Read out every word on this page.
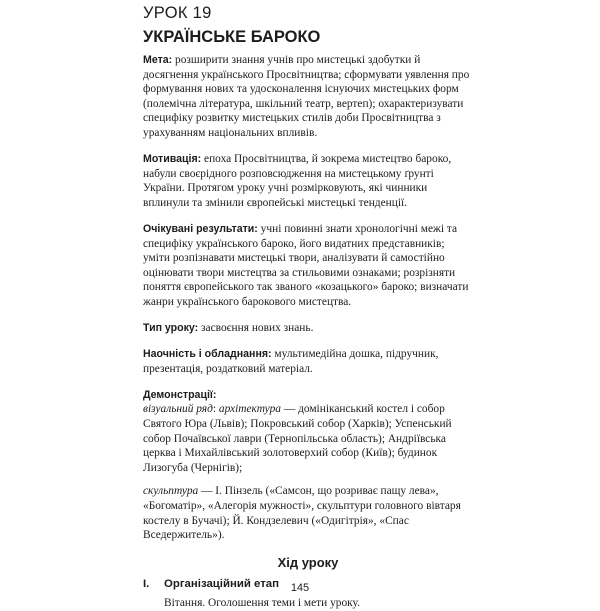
УРОК 19
УКРАЇНСЬКЕ БАРОКО

Мета: розширити знання учнів про мистецькі здобутки й досягнення українського Просвітництва; сформувати уявлення про формування нових та удосконалення існуючих мистецьких форм (полемічна література, шкільний театр, вертеп); охарактеризувати специфіку розвитку мистецьких стилів доби Просвітництва з урахуванням національних впливів.

Мотивація: епоха Просвітництва, й зокрема мистецтво бароко, набули своєрідного розповсюдження на мистецькому ґрунті України. Протягом уроку учні розмірковують, які чинники вплинули та змінили європейські мистецькі тенденції.

Очікувані результати: учні повинні знати хронологічні межі та специфіку українського бароко, його видатних представників; уміти розпізнавати мистецькі твори, аналізувати й самостійно оцінювати твори мистецтва за стильовими ознаками; розрізняти поняття європейського так званого «козацького» бароко; визначати жанри українського барокового мистецтва.

Тип уроку: засвоєння нових знань.

Наочність і обладнання: мультимедійна дошка, підручник, презентація, роздатковий матеріал.

Демонстрації:

візуальний ряд: архітектура — домініканський костел і собор Святого Юра (Львів); Покровський собор (Харків); Успенський собор Почаївської лаври (Тернопільська область); Андріївська церква і Михайлівський золотоверхий собор (Київ); будинок Лизогуба (Чернігів);

скульптура — І. Пінзель («Самсон, що розриває пащу лева», «Богоматір», «Алегорія мужності», скульптури головного вівтаря костелу в Бучачі); Й. Кондзелевич («Одигітрія», «Спас Вседержитель»).

Хід уроку
I.	Організаційний етап

Вітання. Оголошення теми і мети уроку.

145
